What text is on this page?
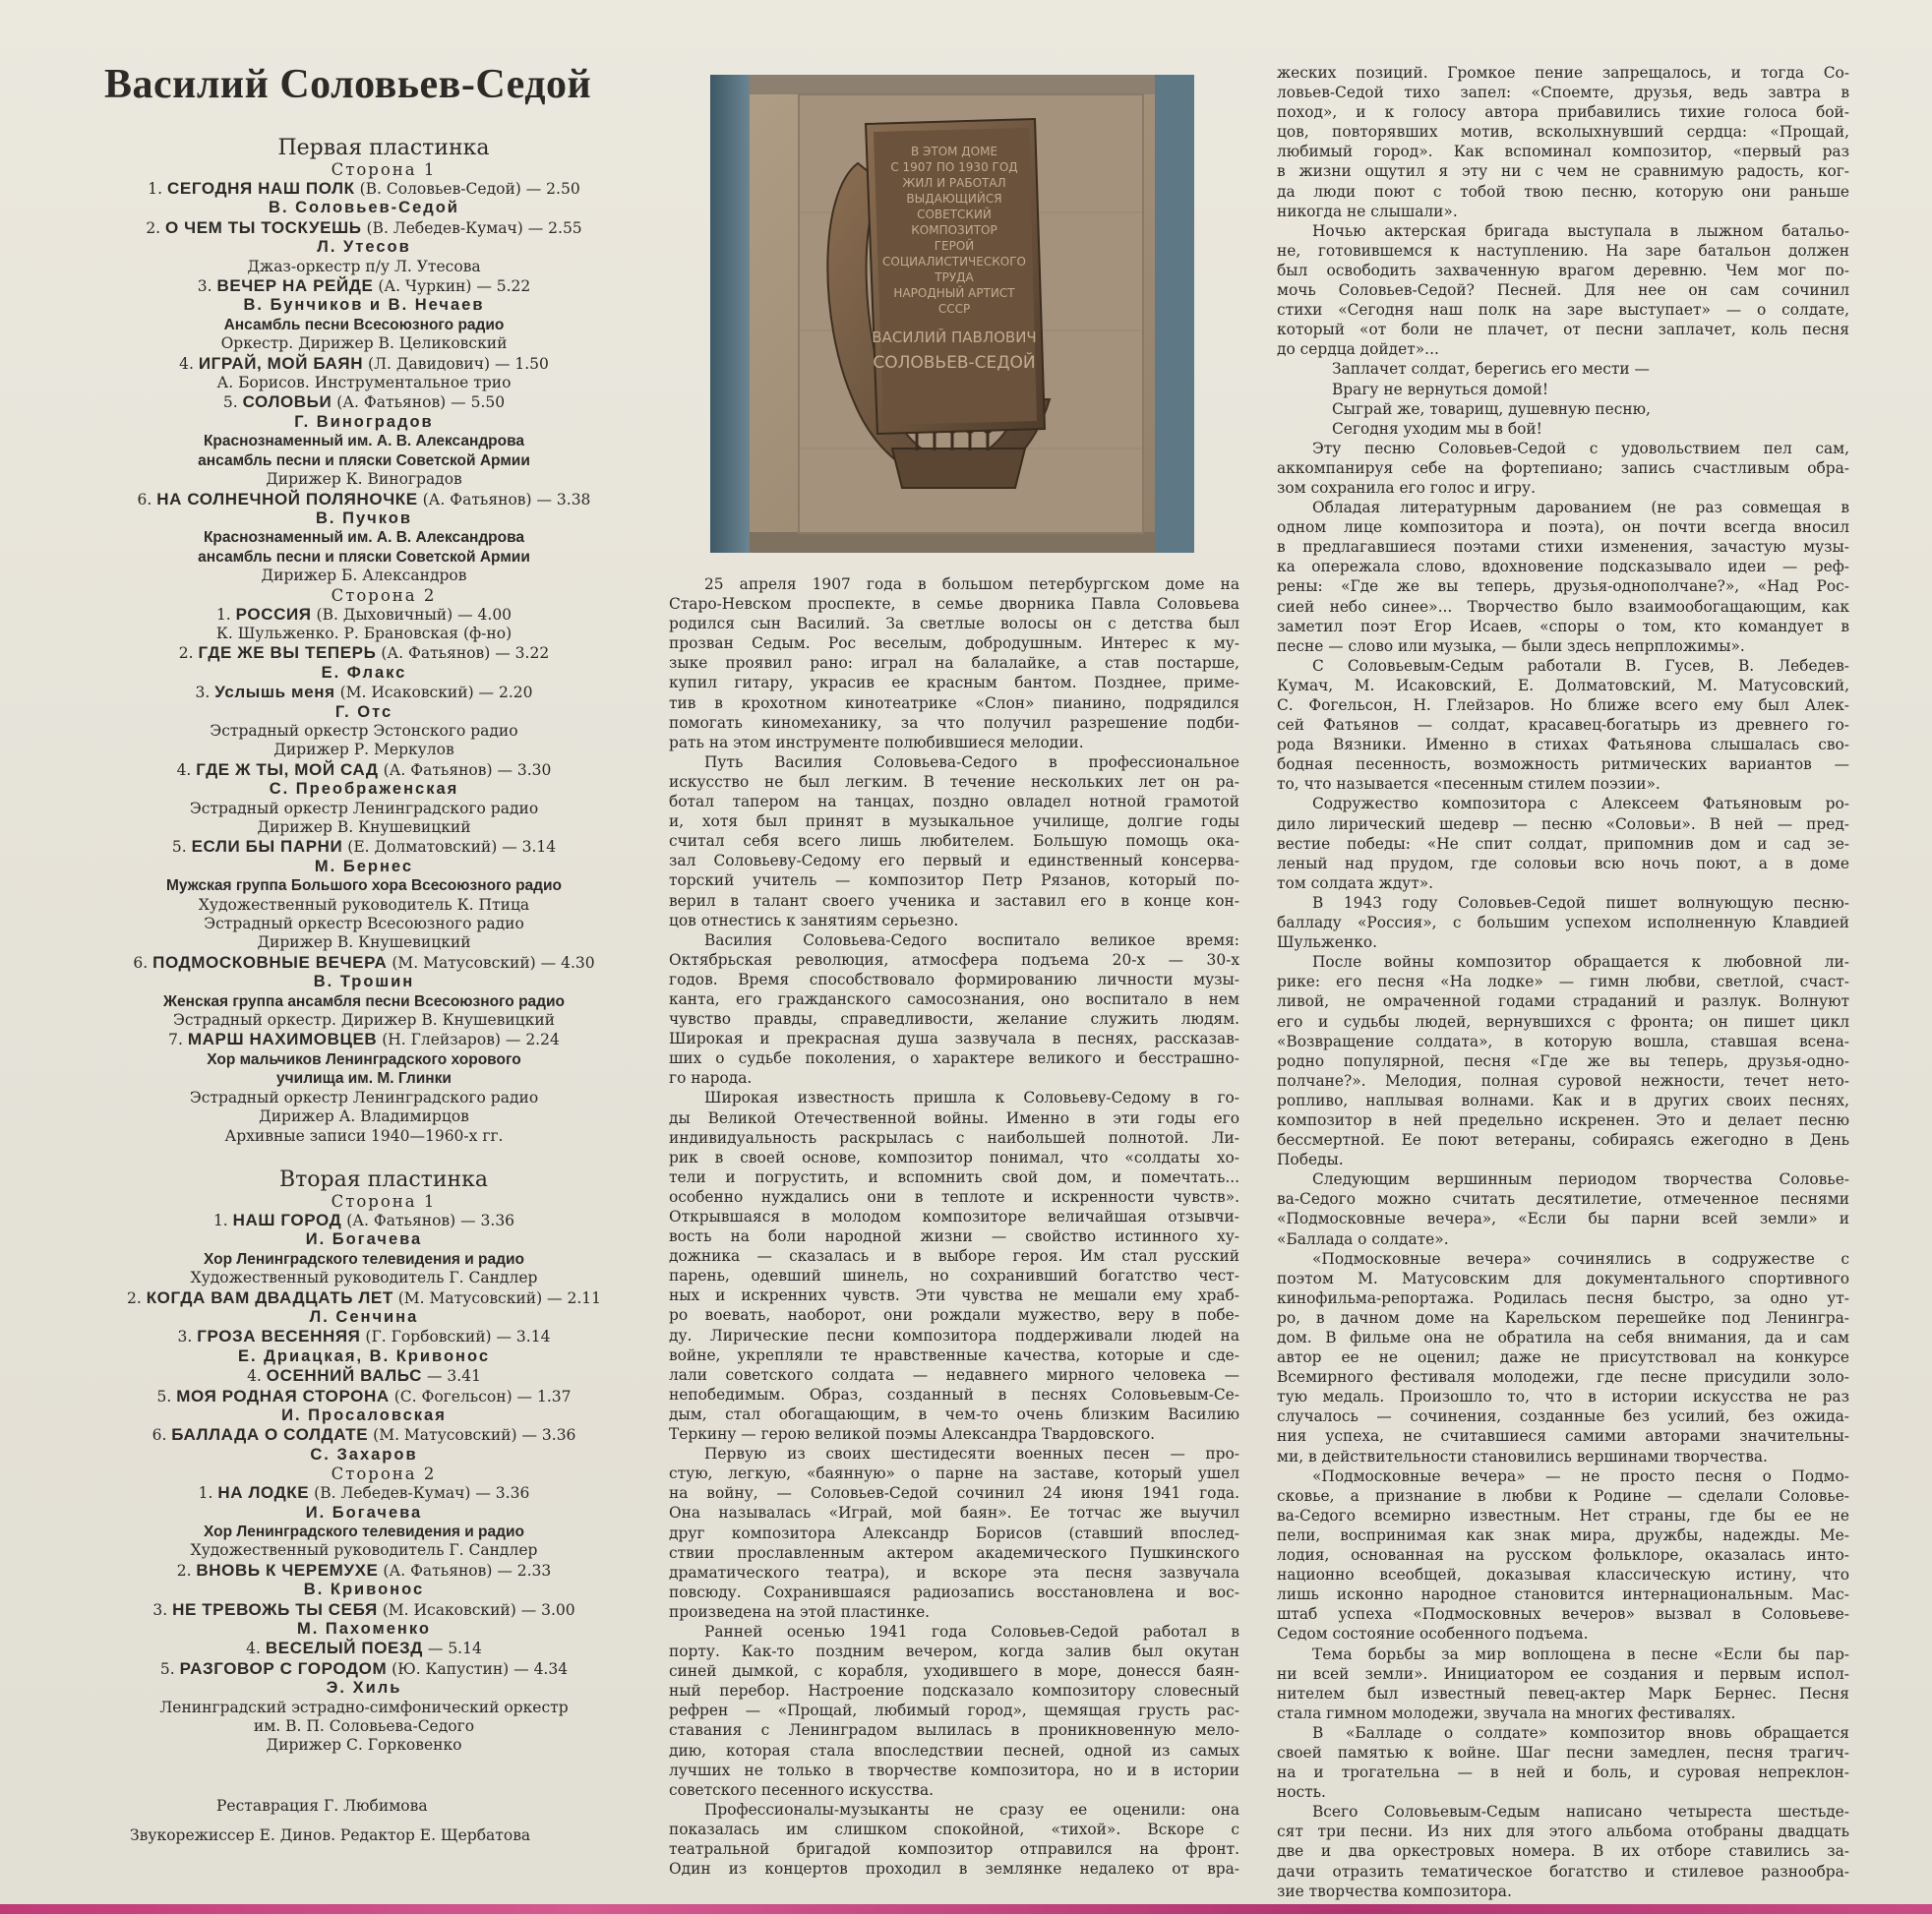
Василий Соловьев-Седой
Первая пластинка
Сторона 1
1. СЕГОДНЯ НАШ ПОЛК (В. Соловьев-Седой) — 2.50
В. Соловьев-Седой
2. О ЧЕМ ТЫ ТОСКУЕШЬ (В. Лебедев-Кумач) — 2.55
Л. Утесов
Джаз-оркестр п/у Л. Утесова
3. ВЕЧЕР НА РЕЙДЕ (А. Чуркин) — 5.22
В. Бунчиков и В. Нечаев
Ансамбль песни Всесоюзного радио
Оркестр. Дирижер В. Целиковский
4. ИГРАЙ, МОЙ БАЯН (Л. Давидович) — 1.50
А. Борисов. Инструментальное трио
5. СОЛОВЬИ (А. Фатьянов) — 5.50
Г. Виноградов
Краснознаменный им. А. В. Александрова
ансамбль песни и пляски Советской Армии
Дирижер К. Виноградов
6. НА СОЛНЕЧНОЙ ПОЛЯНОЧКЕ (А. Фатьянов) — 3.38
В. Пучков
Краснознаменный им. А. В. Александрова
ансамбль песни и пляски Советской Армии
Дирижер Б. Александров
Сторона 2
1. РОССИЯ (В. Дыховичный) — 4.00
К. Шульженко. Р. Брановская (ф-но)
2. ГДЕ ЖЕ ВЫ ТЕПЕРЬ (А. Фатьянов) — 3.22
Е. Флакс
3. Услышь меня (М. Исаковский) — 2.20
Г. Отс
Эстрадный оркестр Эстонского радио
Дирижер Р. Меркулов
4. ГДЕ Ж ТЫ, МОЙ САД (А. Фатьянов) — 3.30
С. Преображенская
Эстрадный оркестр Ленинградского радио
Дирижер В. Кнушевицкий
5. ЕСЛИ БЫ ПАРНИ (Е. Долматовский) — 3.14
М. Бернес
Мужская группа Большого хора Всесоюзного радио
Художественный руководитель К. Птица
Эстрадный оркестр Всесоюзного радио
Дирижер В. Кнушевицкий
6. ПОДМОСКОВНЫЕ ВЕЧЕРА (М. Матусовский) — 4.30
В. Трошин
Женская группа ансамбля песни Всесоюзного радио
Эстрадный оркестр. Дирижер В. Кнушевицкий
7. МАРШ НАХИМОВЦЕВ (Н. Глейзаров) — 2.24
Хор мальчиков Ленинградского хорового
училища им. М. Глинки
Эстрадный оркестр Ленинградского радио
Дирижер А. Владимирцов
Архивные записи 1940—1960-х гг.
Вторая пластинка
Сторона 1
1. НАШ ГОРОД (А. Фатьянов) — 3.36
И. Богачева
Хор Ленинградского телевидения и радио
Художественный руководитель Г. Сандлер
2. КОГДА ВАМ ДВАДЦАТЬ ЛЕТ (М. Матусовский) — 2.11
Л. Сенчина
3. ГРОЗА ВЕСЕННЯЯ (Г. Горбовский) — 3.14
Е. Дриацкая, В. Кривонос
4. ОСЕННИЙ ВАЛЬС — 3.41
5. МОЯ РОДНАЯ СТОРОНА (С. Фогельсон) — 1.37
И. Просаловская
6. БАЛЛАДА О СОЛДАТЕ (М. Матусовский) — 3.36
С. Захаров
Сторона 2
1. НА ЛОДКЕ (В. Лебедев-Кумач) — 3.36
И. Богачева
Хор Ленинградского телевидения и радио
Художественный руководитель Г. Сандлер
2. ВНОВЬ К ЧЕРЕМУХЕ (А. Фатьянов) — 2.33
В. Кривонос
3. НЕ ТРЕВОЖЬ ТЫ СЕБЯ (М. Исаковский) — 3.00
М. Пахоменко
4. ВЕСЕЛЫЙ ПОЕЗД — 5.14
5. РАЗГОВОР С ГОРОДОМ (Ю. Капустин) — 4.34
Э. Хиль
Ленинградский эстрадно-симфонический оркестр
им. В. П. Соловьева-Седого
Дирижер С. Горковенко
Реставрация Г. Любимова
Звукорежиссер Е. Динов. Редактор Е. Щербатова
В ЭТОМ ДОМЕ
С 1907 ПО 1930 ГОД
ЖИЛ И РАБОТАЛ
ВЫДАЮЩИЙСЯ
СОВЕТСКИЙ
КОМПОЗИТОР
ГЕРОЙ
СОЦИАЛИСТИЧЕСКОГО
ТРУДА
НАРОДНЫЙ АРТИСТ
СССР
ВАСИЛИЙ ПАВЛОВИЧ
СОЛОВЬЕВ-СЕДОЙ
25 апреля 1907 года в большом петербургском доме на
Старо-Невском проспекте, в семье дворника Павла Соловьева
родился сын Василий. За светлые волосы он с детства был
прозван Седым. Рос веселым, добродушным. Интерес к му-
зыке проявил рано: играл на балалайке, а став постарше,
купил гитару, украсив ее красным бантом. Позднее, приме-
тив в крохотном кинотеатрике «Слон» пианино, подрядился
помогать киномеханику, за что получил разрешение подби-
рать на этом инструменте полюбившиеся мелодии.
Путь Василия Соловьева-Седого в профессиональное
искусство не был легким. В течение нескольких лет он ра-
ботал тапером на танцах, поздно овладел нотной грамотой
и, хотя был принят в музыкальное училище, долгие годы
считал себя всего лишь любителем. Большую помощь ока-
зал Соловьеву-Седому его первый и единственный консерва-
торский учитель — композитор Петр Рязанов, который по-
верил в талант своего ученика и заставил его в конце кон-
цов отнестись к занятиям серьезно.
Василия Соловьева-Седого воспитало великое время:
Октябрьская революция, атмосфера подъема 20-х — 30-х
годов. Время способствовало формированию личности музы-
канта, его гражданского самосознания, оно воспитало в нем
чувство правды, справедливости, желание служить людям.
Широкая и прекрасная душа зазвучала в песнях, рассказав-
ших о судьбе поколения, о характере великого и бесстрашно-
го народа.
Широкая известность пришла к Соловьеву-Седому в го-
ды Великой Отечественной войны. Именно в эти годы его
индивидуальность раскрылась с наибольшей полнотой. Ли-
рик в своей основе, композитор понимал, что «солдаты хо-
тели и погрустить, и вспомнить свой дом, и помечтать...
особенно нуждались они в теплоте и искренности чувств».
Открывшаяся в молодом композиторе величайшая отзывчи-
вость на боли народной жизни — свойство истинного ху-
дожника — сказалась и в выборе героя. Им стал русский
парень, одевший шинель, но сохранивший богатство чест-
ных и искренних чувств. Эти чувства не мешали ему храб-
ро воевать, наоборот, они рождали мужество, веру в побе-
ду. Лирические песни композитора поддерживали людей на
войне, укрепляли те нравственные качества, которые и сде-
лали советского солдата — недавнего мирного человека —
непобедимым. Образ, созданный в песнях Соловьевым-Се-
дым, стал обогащающим, в чем-то очень близким Василию
Теркину — герою великой поэмы Александра Твардовского.
Первую из своих шестидесяти военных песен — про-
стую, легкую, «баянную» о парне на заставе, который ушел
на войну, — Соловьев-Седой сочинил 24 июня 1941 года.
Она называлась «Играй, мой баян». Ее тотчас же выучил
друг композитора Александр Борисов (ставший впослед-
ствии прославленным актером академического Пушкинского
драматического театра), и вскоре эта песня зазвучала
повсюду. Сохранившаяся радиозапись восстановлена и вос-
произведена на этой пластинке.
Ранней осенью 1941 года Соловьев-Седой работал в
порту. Как-то поздним вечером, когда залив был окутан
синей дымкой, с корабля, уходившего в море, донесся баян-
ный перебор. Настроение подсказало композитору словесный
рефрен — «Прощай, любимый город», щемящая грусть рас-
ставания с Ленинградом вылилась в проникновенную мело-
дию, которая стала впоследствии песней, одной из самых
лучших не только в творчестве композитора, но и в истории
советского песенного искусства.
Профессионалы-музыканты не сразу ее оценили: она
показалась им слишком спокойной, «тихой». Вскоре с
театральной бригадой композитор отправился на фронт.
Один из концертов проходил в землянке недалеко от вра-
жеских позиций. Громкое пение запрещалось, и тогда Со-
ловьев-Седой тихо запел: «Споемте, друзья, ведь завтра в
поход», и к голосу автора прибавились тихие голоса бой-
цов, повторявших мотив, всколыхнувший сердца: «Прощай,
любимый город». Как вспоминал композитор, «первый раз
в жизни ощутил я эту ни с чем не сравнимую радость, ког-
да люди поют с тобой твою песню, которую они раньше
никогда не слышали».
Ночью актерская бригада выступала в лыжном батальо-
не, готовившемся к наступлению. На заре батальон должен
был освободить захваченную врагом деревню. Чем мог по-
мочь Соловьев-Седой? Песней. Для нее он сам сочинил
стихи «Сегодня наш полк на заре выступает» — о солдате,
который «от боли не плачет, от песни заплачет, коль песня
до сердца дойдет»...
Заплачет солдат, берегись его мести —
Врагу не вернуться домой!
Сыграй же, товарищ, душевную песню,
Сегодня уходим мы в бой!
Эту песню Соловьев-Седой с удовольствием пел сам,
аккомпанируя себе на фортепиано; запись счастливым обра-
зом сохранила его голос и игру.
Обладая литературным дарованием (не раз совмещая в
одном лице композитора и поэта), он почти всегда вносил
в предлагавшиеся поэтами стихи изменения, зачастую музы-
ка опережала слово, вдохновение подсказывало идеи — реф-
рены: «Где же вы теперь, друзья-однополчане?», «Над Рос-
сией небо синее»... Творчество было взаимообогащающим, как
заметил поэт Егор Исаев, «споры о том, кто командует в
песне — слово или музыка, — были здесь непрпложимы».
С Соловьевым-Седым работали В. Гусев, В. Лебедев-
Кумач, М. Исаковский, Е. Долматовский, М. Матусовский,
С. Фогельсон, Н. Глейзаров. Но ближе всего ему был Алек-
сей Фатьянов — солдат, красавец-богатырь из древнего го-
рода Вязники. Именно в стихах Фатьянова слышалась сво-
бодная песенность, возможность ритмических вариантов —
то, что называется «песенным стилем поэзии».
Содружество композитора с Алексеем Фатьяновым ро-
дило лирический шедевр — песню «Соловьи». В ней — пред-
вестие победы: «Не спит солдат, припомнив дом и сад зе-
леный над прудом, где соловьи всю ночь поют, а в доме
том солдата ждут».
В 1943 году Соловьев-Седой пишет волнующую песню-
балладу «Россия», с большим успехом исполненную Клавдией
Шульженко.
После войны композитор обращается к любовной ли-
рике: его песня «На лодке» — гимн любви, светлой, счаст-
ливой, не омраченной годами страданий и разлук. Волнуют
его и судьбы людей, вернувшихся с фронта; он пишет цикл
«Возвращение солдата», в которую вошла, ставшая всена-
родно популярной, песня «Где же вы теперь, друзья-одно-
полчане?». Мелодия, полная суровой нежности, течет нето-
ропливо, наплывая волнами. Как и в других своих песнях,
композитор в ней предельно искренен. Это и делает песню
бессмертной. Ее поют ветераны, собираясь ежегодно в День
Победы.
Следующим вершинным периодом творчества Соловье-
ва-Седого можно считать десятилетие, отмеченное песнями
«Подмосковные вечера», «Если бы парни всей земли» и
«Баллада о солдате».
«Подмосковные вечера» сочинялись в содружестве с
поэтом М. Матусовским для документального спортивного
кинофильма-репортажа. Родилась песня быстро, за одно ут-
ро, в дачном доме на Карельском перешейке под Ленингра-
дом. В фильме она не обратила на себя внимания, да и сам
автор ее не оценил; даже не присутствовал на конкурсе
Всемирного фестиваля молодежи, где песне присудили золо-
тую медаль. Произошло то, что в истории искусства не раз
случалось — сочинения, созданные без усилий, без ожида-
ния успеха, не считавшиеся самими авторами значительны-
ми, в действительности становились вершинами творчества.
«Подмосковные вечера» — не просто песня о Подмо-
сковье, а признание в любви к Родине — сделали Соловье-
ва-Седого всемирно известным. Нет страны, где бы ее не
пели, воспринимая как знак мира, дружбы, надежды. Ме-
лодия, основанная на русском фольклоре, оказалась инто-
национно всеобщей, доказывая классическую истину, что
лишь исконно народное становится интернациональным. Мас-
штаб успеха «Подмосковных вечеров» вызвал в Соловьеве-
Седом состояние особенного подъема.
Тема борьбы за мир воплощена в песне «Если бы пар-
ни всей земли». Инициатором ее создания и первым испол-
нителем был известный певец-актер Марк Бернес. Песня
стала гимном молодежи, звучала на многих фестивалях.
В «Балладе о солдате» композитор вновь обращается
своей памятью к войне. Шаг песни замедлен, песня трагич-
на и трогательна — в ней и боль, и суровая непреклон-
ность.
Всего Соловьевым-Седым написано четыреста шестьде-
сят три песни. Из них для этого альбома отобраны двадцать
две и два оркестровых номера. В их отборе ставились за-
дачи отразить тематическое богатство и стилевое разнообра-
зие творчества композитора.
